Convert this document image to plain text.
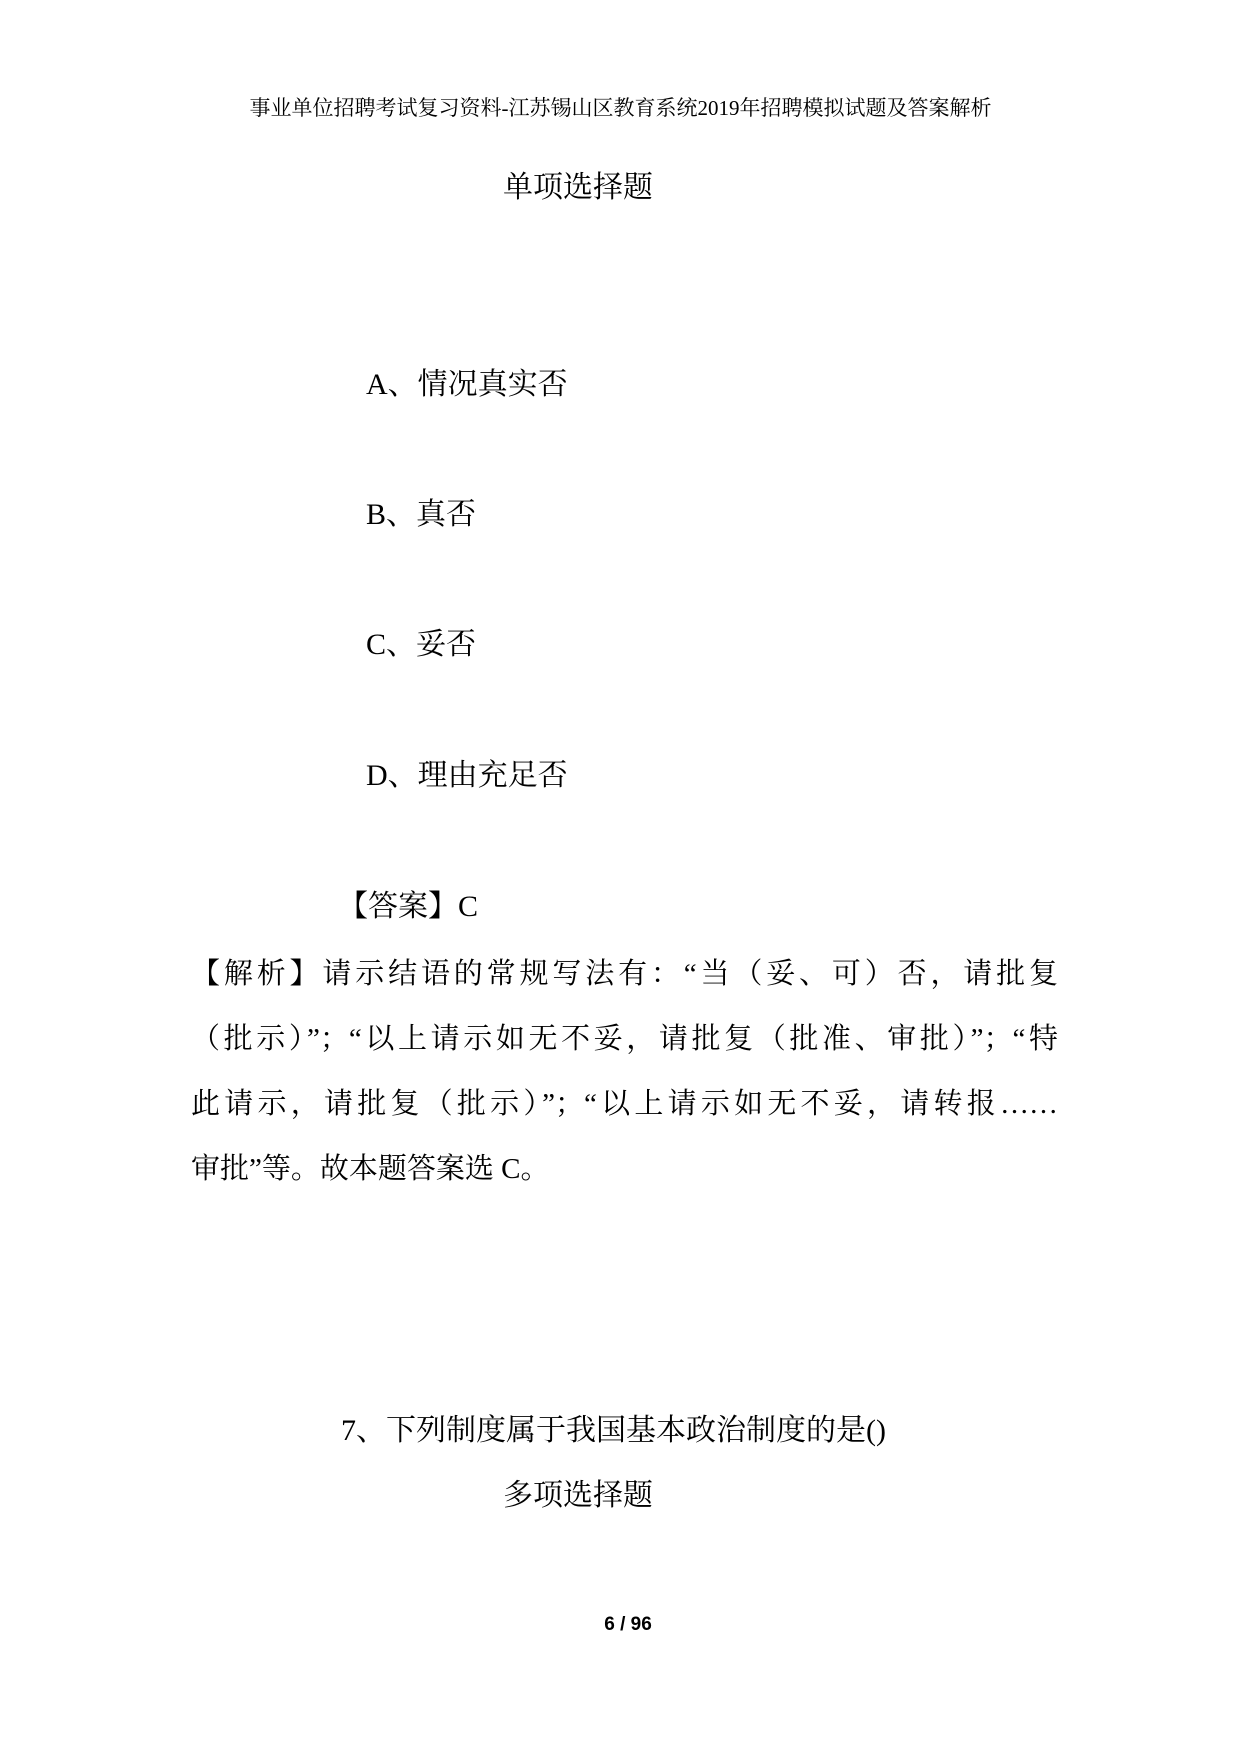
事业单位招聘考试复习资料-江苏锡山区教育系统2019年招聘模拟试题及答案解析
单项选择题
A、情况真实否
B、真否
C、妥否
D、理由充足否
【答案】C
【解析】请示结语的常规写法有：“当（妥、可）否，请批复
（批示）”；“以上请示如无不妥，请批复（批准、审批）”；“特
此请示，请批复（批示）”；“以上请示如无不妥，请转报……
审批”等。故本题答案选 C。
7、下列制度属于我国基本政治制度的是()
多项选择题
6 / 96
